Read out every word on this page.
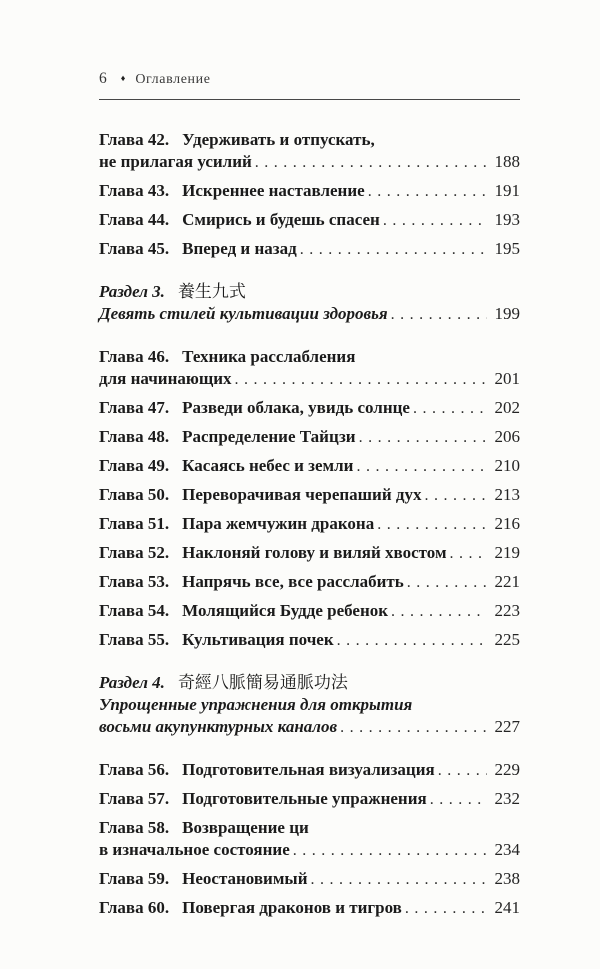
6 ♦ Оглавление
Глава 42. Удерживать и отпускать,
не прилагая усилий .....	188
Глава 43. Искреннее наставление .....	191
Глава 44. Смирись и будешь спасен .....	193
Глава 45. Вперед и назад .....	195
Раздел 3. 養生九式
Девять стилей культивации здоровья .....	199
Глава 46. Техника расслабления
для начинающих .....	201
Глава 47. Разведи облака, увидь солнце .....	202
Глава 48. Распределение Тайцзи .....	206
Глава 49. Касаясь небес и земли .....	210
Глава 50. Переворачивая черепаший дух .....	213
Глава 51. Пара жемчужин дракона .....	216
Глава 52. Наклоняй голову и виляй хвостом .....	219
Глава 53. Напрячь все, все расслабить .....	221
Глава 54. Молящийся Будде ребенок .....	223
Глава 55. Культивация почек .....	225
Раздел 4. 奇經八脈簡易通脈功法
Упрощенные упражнения для открытия
восьми акупунктурных каналов .....	227
Глава 56. Подготовительная визуализация .....	229
Глава 57. Подготовительные упражнения .....	232
Глава 58. Возвращение ци
в изначальное состояние .....	234
Глава 59. Неостановимый .....	238
Глава 60. Повергая драконов и тигров .....	241
